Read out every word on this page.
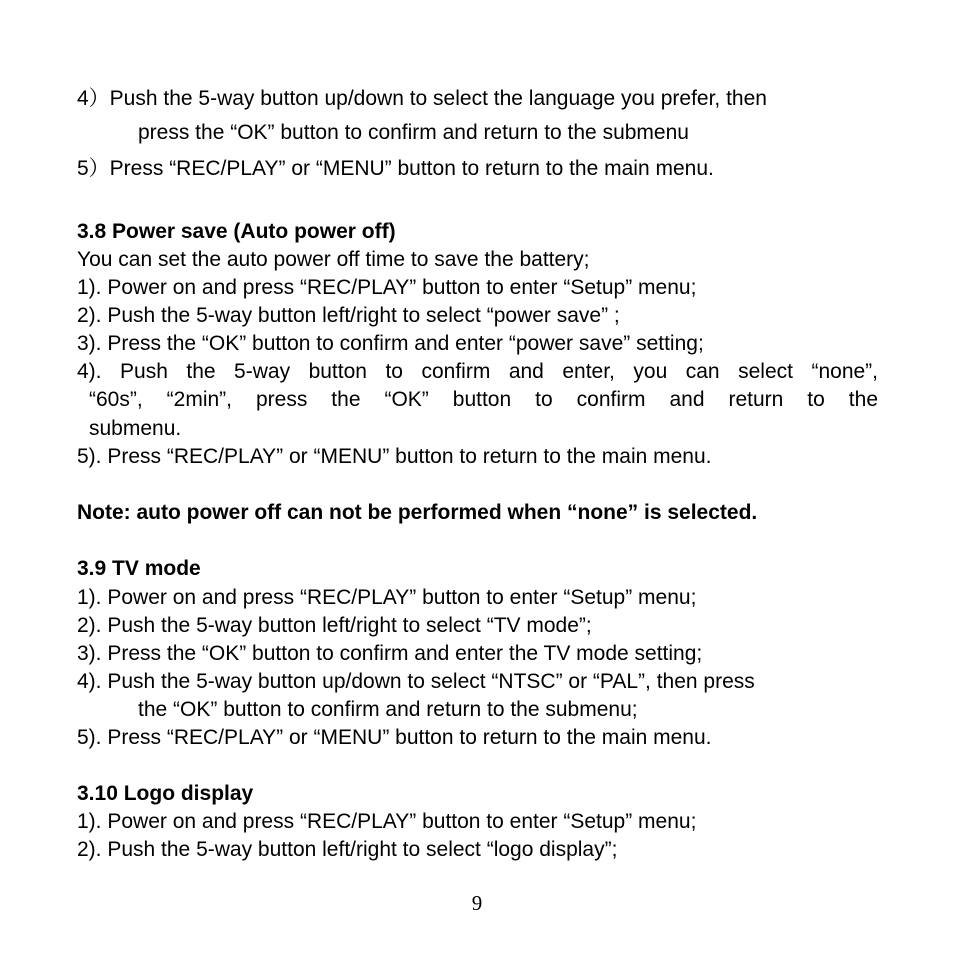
4）Push the 5-way button up/down to select the language you prefer, then

press the “OK” button to confirm and return to the submenu

5）Press “REC/PLAY” or “MENU” button to return to the main menu.

3.8 Power save (Auto power off)

You can set the auto power off time to save the battery;

1). Power on and press “REC/PLAY” button to enter “Setup” menu;

2). Push the 5-way button left/right to select “power save” ;

3). Press the “OK” button to confirm and enter “power save” setting;

4). Push the 5-way button to confirm and enter, you can select “none”,

“60s”, “2min”, press the “OK” button to confirm and return to the

submenu.

5). Press “REC/PLAY” or “MENU” button to return to the main menu.

Note: auto power off can not be performed when “none” is selected.

3.9 TV mode

1). Power on and press “REC/PLAY” button to enter “Setup” menu;

2). Push the 5-way button left/right to select “TV mode”;

3). Press the “OK” button to confirm and enter the TV mode setting;

4). Push the 5-way button up/down to select “NTSC” or “PAL”, then press

the “OK” button to confirm and return to the submenu;

5). Press “REC/PLAY” or “MENU” button to return to the main menu.

3.10 Logo display

1). Power on and press “REC/PLAY” button to enter “Setup” menu;

2). Push the 5-way button left/right to select “logo display”;

9
